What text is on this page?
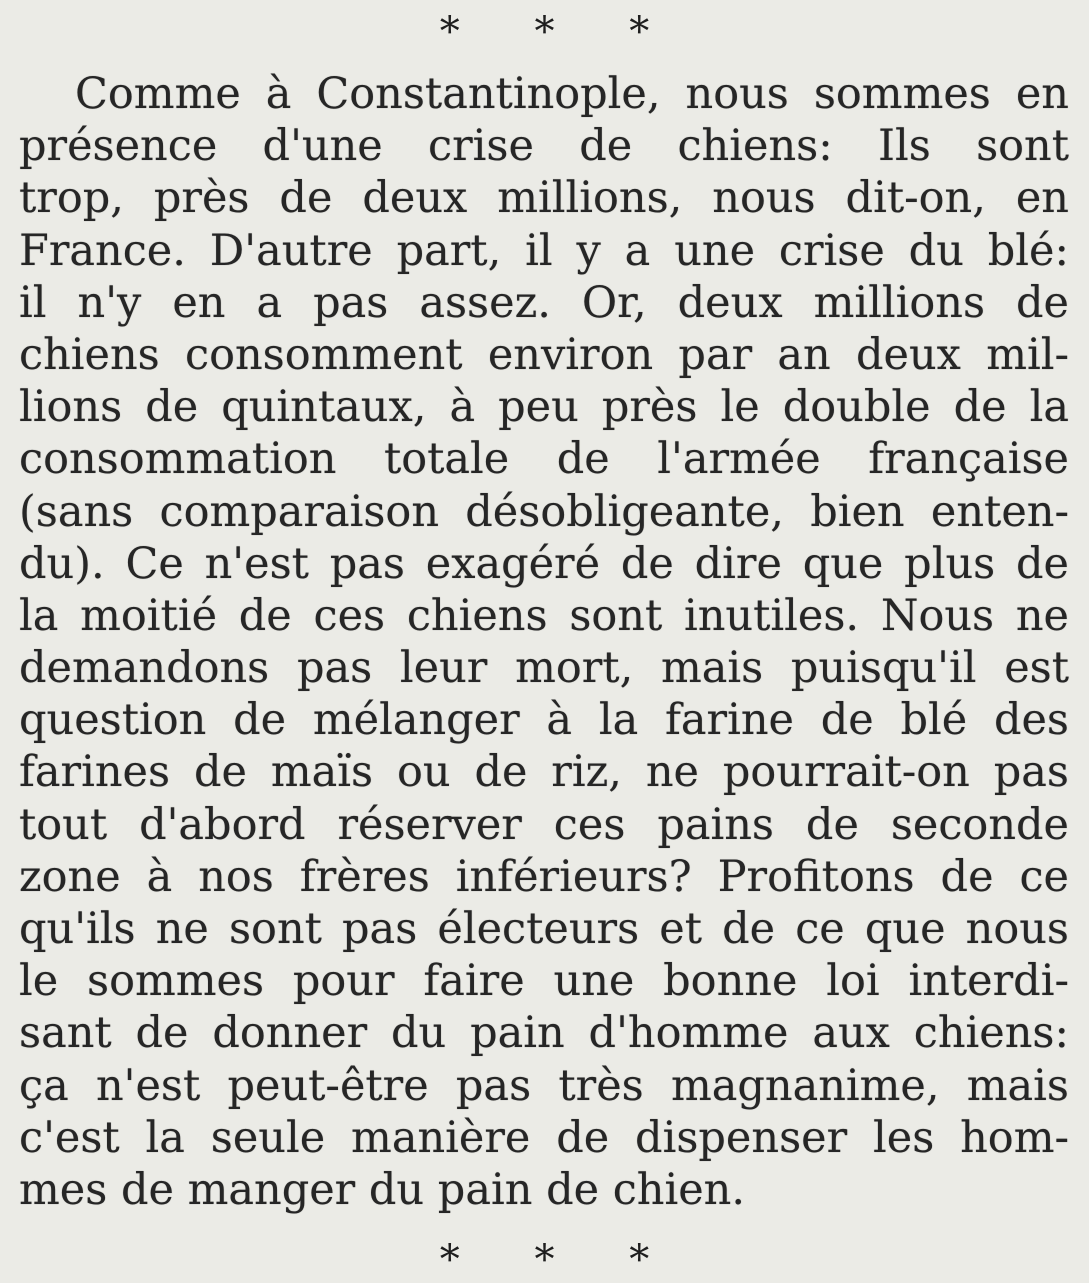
* * *
Comme à Constantinople, nous sommes en
présence d'une crise de chiens: Ils sont
trop, près de deux millions, nous dit-on, en
France. D'autre part, il y a une crise du blé:
il n'y en a pas assez. Or, deux millions de
chiens consomment environ par an deux mil-
lions de quintaux, à peu près le double de la
consommation totale de l'armée française
(sans comparaison désobligeante, bien enten-
du). Ce n'est pas exagéré de dire que plus de
la moitié de ces chiens sont inutiles. Nous ne
demandons pas leur mort, mais puisqu'il est
question de mélanger à la farine de blé des
farines de maïs ou de riz, ne pourrait-on pas
tout d'abord réserver ces pains de seconde
zone à nos frères inférieurs? Profitons de ce
qu'ils ne sont pas électeurs et de ce que nous
le sommes pour faire une bonne loi interdi-
sant de donner du pain d'homme aux chiens:
ça n'est peut-être pas très magnanime, mais
c'est la seule manière de dispenser les hom-
mes de manger du pain de chien.
* * *
